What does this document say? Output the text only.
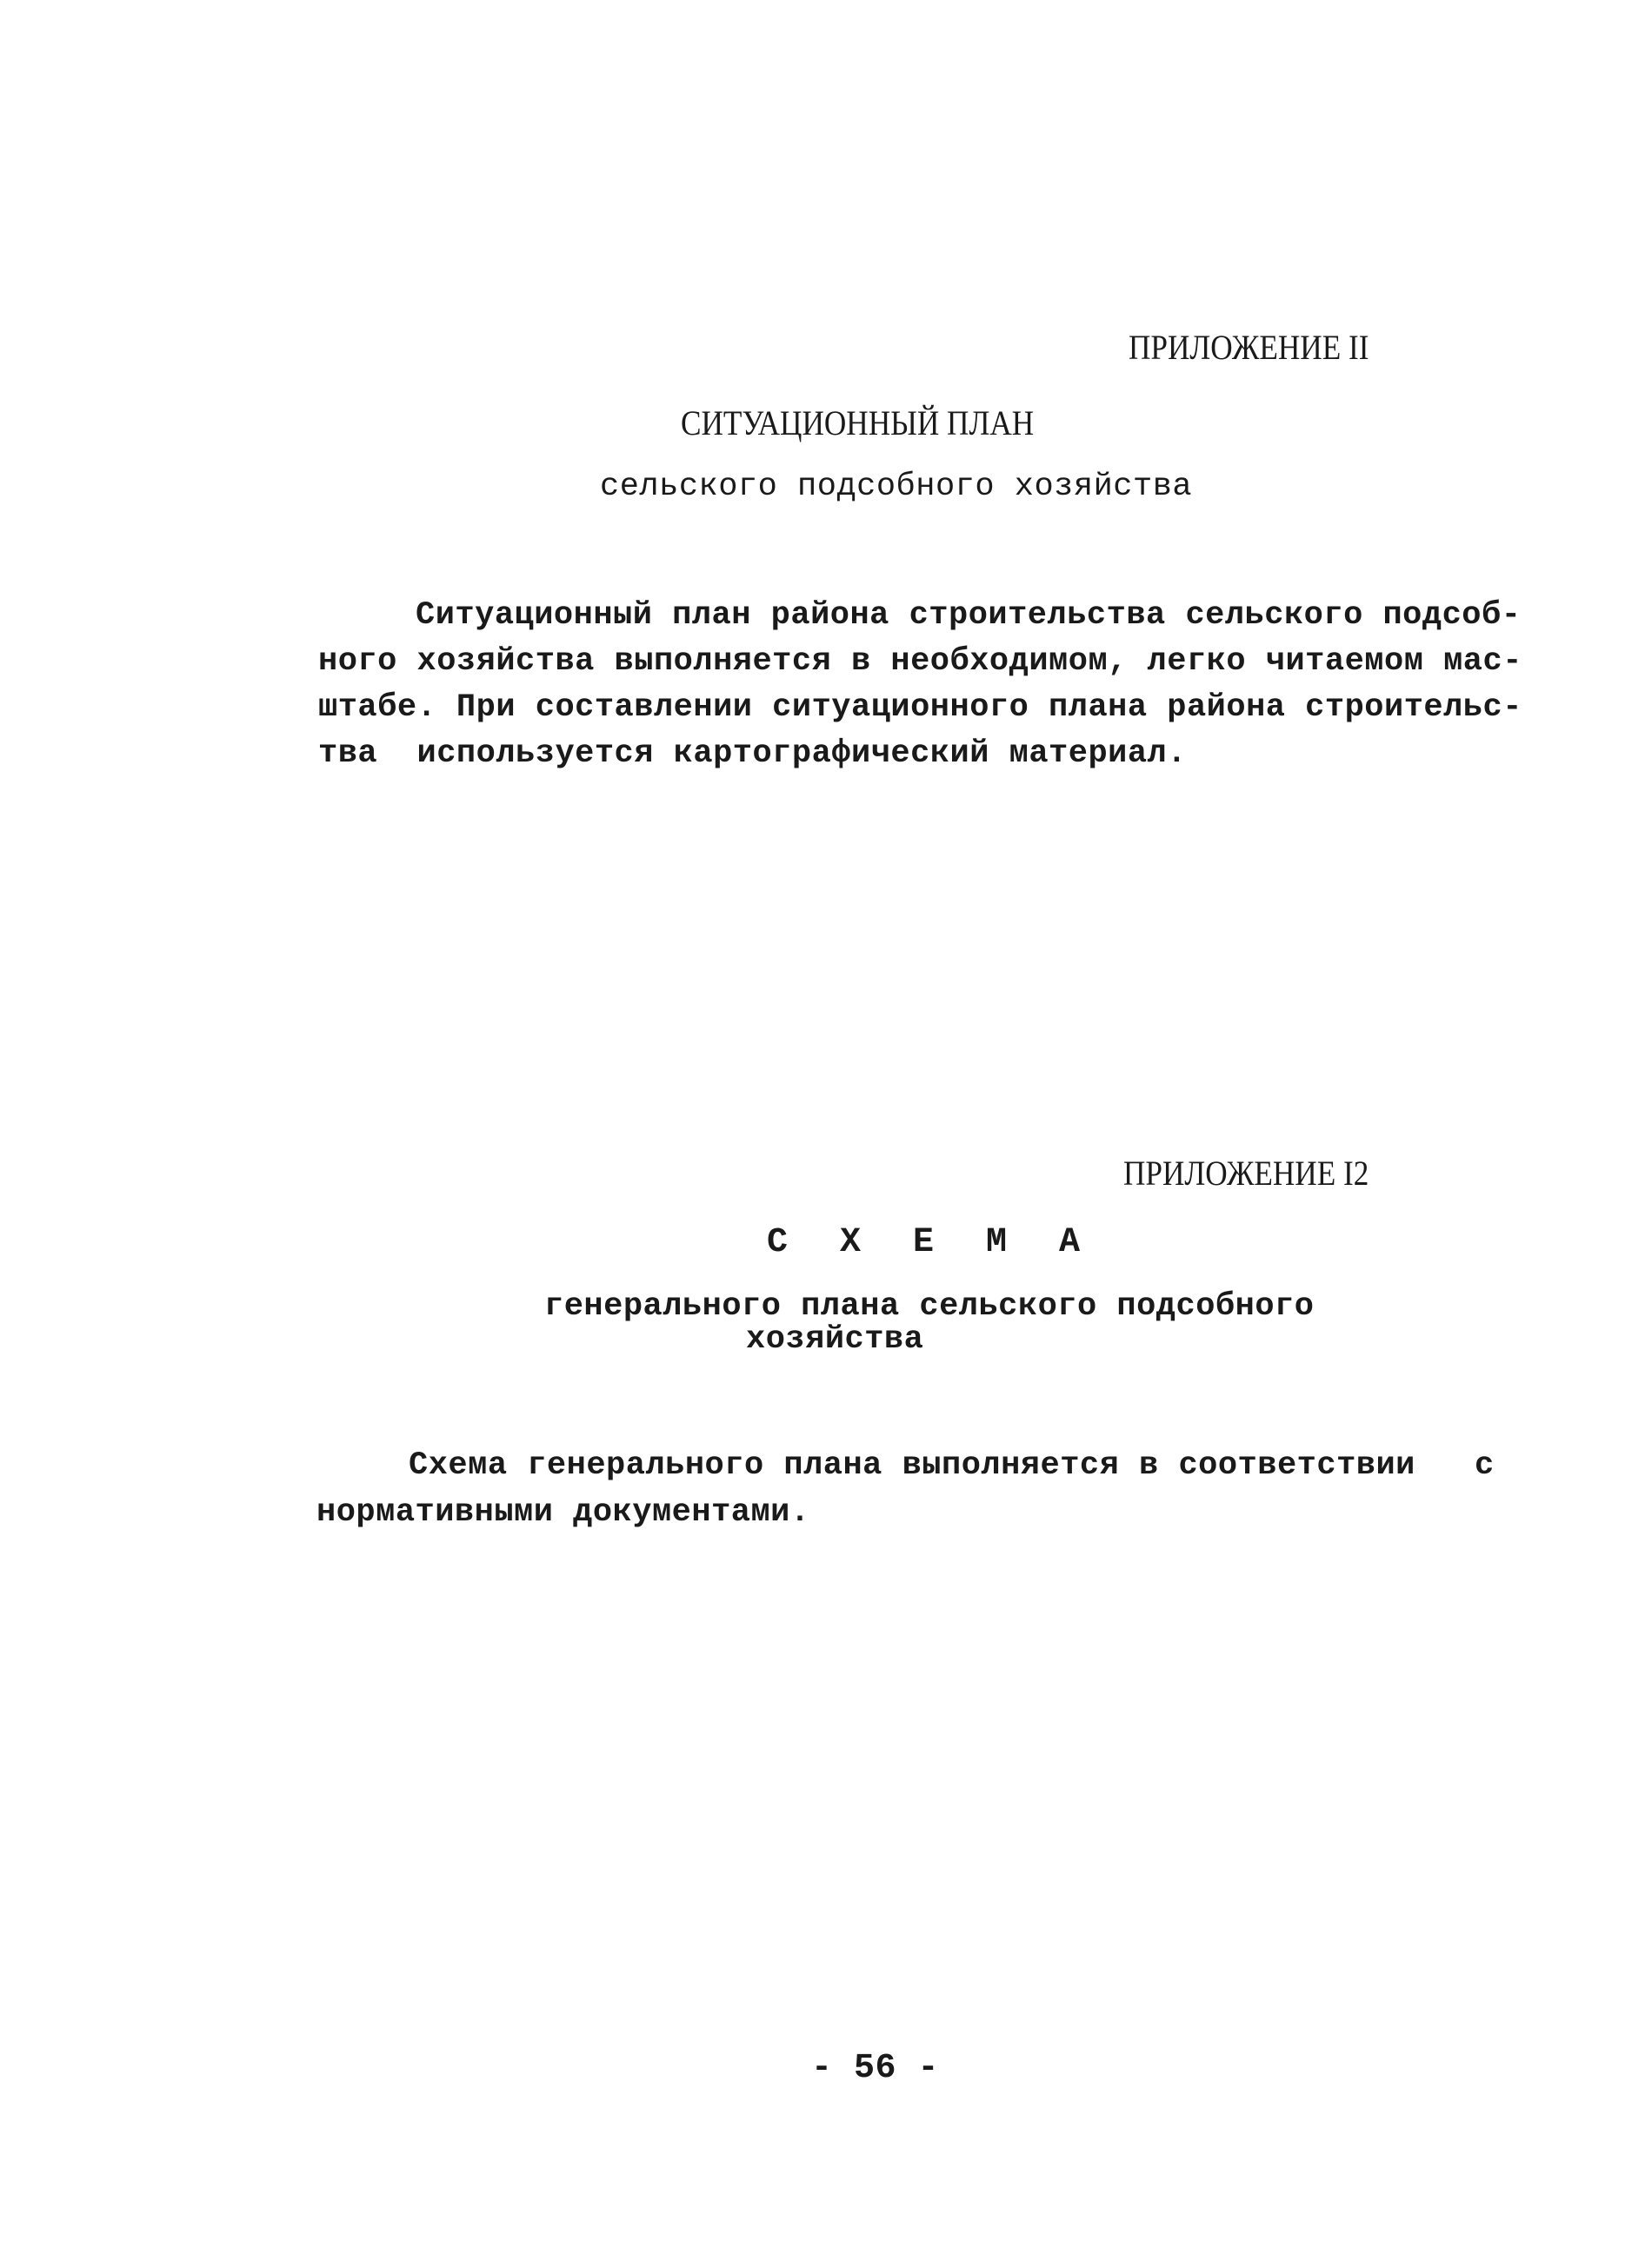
ПРИЛОЖЕНИЕ II
СИТУАЦИОННЫЙ ПЛАН
сельского подсобного хозяйства
Ситуационный план района строительства сельского подсоб-
ного хозяйства выполняется в необходимом, легко читаемом мас-
штабе. При составлении ситуационного плана района строительс-
тва  используется картографический материал.
ПРИЛОЖЕНИЕ I2
С Х Е М А
генерального плана сельского подсобного
хозяйства
Схема генерального плана выполняется в соответствии   с
нормативными документами.
- 56 -
